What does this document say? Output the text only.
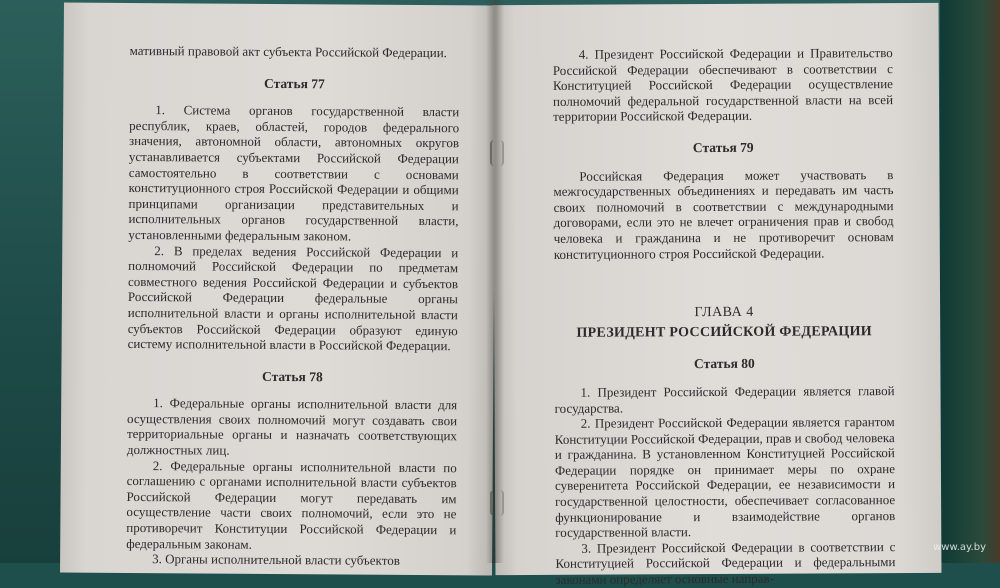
мативный правовой акт субъекта Российской Федерации.

Статья 77

1. Система органов государственной власти республик, краев, областей, городов федерального значения, автономной области, автономных округов устанавливается субъектами Российской Федерации самостоятельно в соответствии с основами конституционного строя Российской Федерации и общими принципами организации представительных и исполнительных органов государственной власти, установленными федеральным законом.

2. В пределах ведения Российской Федерации и полномочий Российской Федерации по предметам совместного ведения Российской Федерации и субъектов Российской Федерации федеральные органы исполнительной власти и органы исполнительной власти субъектов Российской Федерации образуют единую систему исполнительной власти в Российской Федерации.

Статья 78

1. Федеральные органы исполнительной власти для осуществления своих полномочий могут создавать свои территориальные органы и назначать соответствующих должностных лиц.

2. Федеральные органы исполнительной власти по соглашению с органами исполнительной власти субъектов Российской Федерации могут передавать им осуществление части своих полномочий, если это не противоречит Конституции Российской Федерации и федеральным законам.

3. Органы исполнительной власти субъектов

4. Президент Российской Федерации и Правительство Российской Федерации обеспечивают в соответствии с Конституцией Российской Федерации осуществление полномочий федеральной государственной власти на всей территории Российской Федерации.

Статья 79

Российская Федерация может участвовать в межгосударственных объединениях и передавать им часть своих полномочий в соответствии с международными договорами, если это не влечет ограничения прав и свобод человека и гражданина и не противоречит основам конституционного строя Российской Федерации.

ГЛАВА 4
ПРЕЗИДЕНТ РОССИЙСКОЙ ФЕДЕРАЦИИ
Статья 80

1. Президент Российской Федерации является главой государства.

2. Президент Российской Федерации является гарантом Конституции Российской Федерации, прав и свобод человека и гражданина. В установленном Конституцией Российской Федерации порядке он принимает меры по охране суверенитета Российской Федерации, ее независимости и государственной целостности, обеспечивает согласованное функционирование и взаимодействие органов государственной власти.

3. Президент Российской Федерации в соответствии с Конституцией Российской Федерации и федеральными законами определяет основные направ-

www.ay.by
